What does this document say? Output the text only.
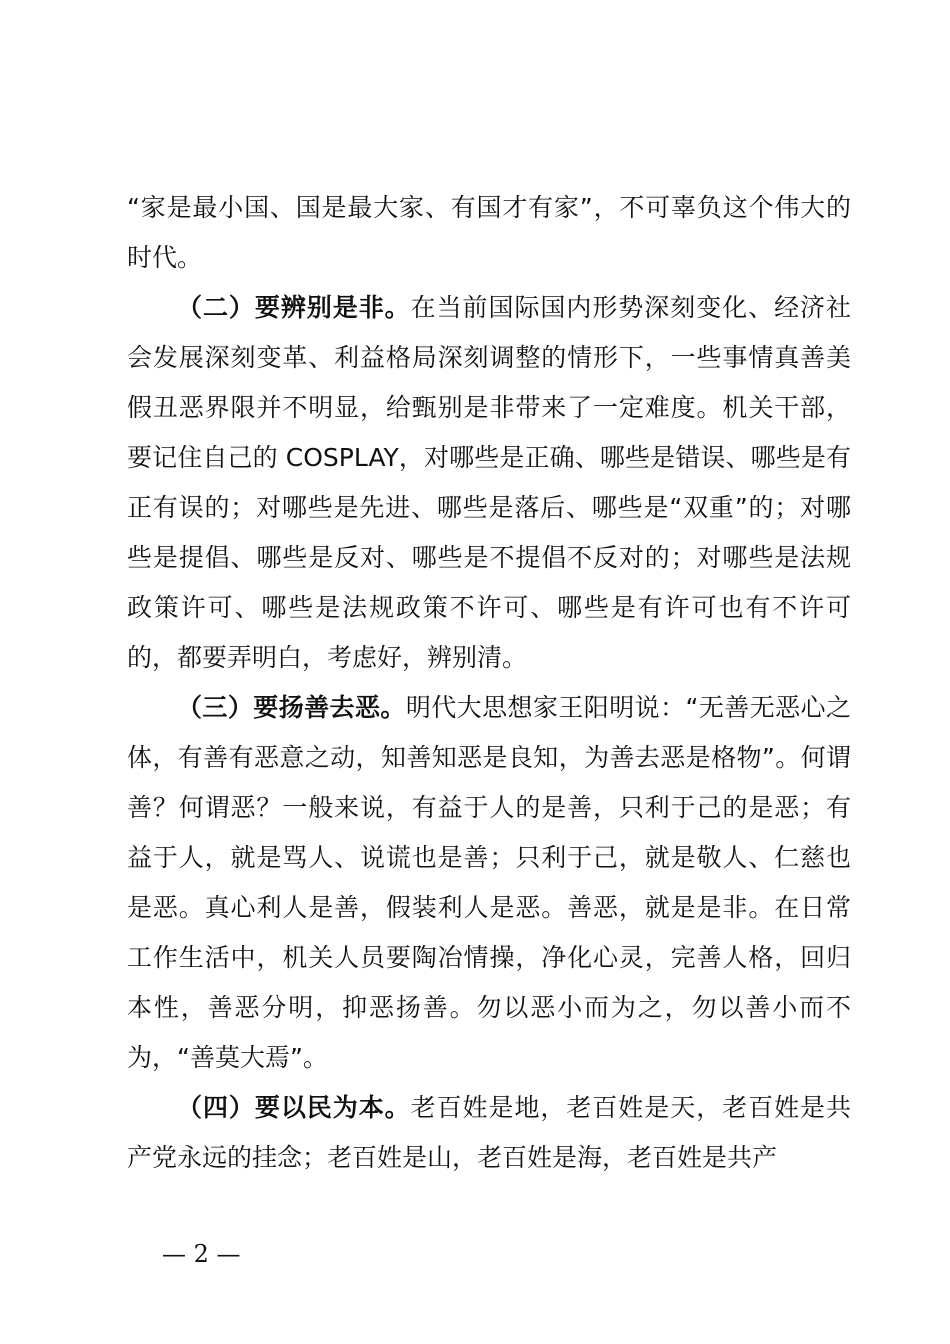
“家是最小国、国是最大家、有国才有家”，不可辜负这个伟大的时代。

（二）要辨别是非。在当前国际国内形势深刻变化、经济社会发展深刻变革、利益格局深刻调整的情形下，一些事情真善美假丑恶界限并不明显，给甄别是非带来了一定难度。机关干部，要记住自己的 COSPLAY，对哪些是正确、哪些是错误、哪些是有正有误的；对哪些是先进、哪些是落后、哪些是“双重”的；对哪些是提倡、哪些是反对、哪些是不提倡不反对的；对哪些是法规政策许可、哪些是法规政策不许可、哪些是有许可也有不许可的，都要弄明白，考虑好，辨别清。

（三）要扬善去恶。明代大思想家王阳明说：“无善无恶心之体，有善有恶意之动，知善知恶是良知，为善去恶是格物”。何谓善？何谓恶？一般来说，有益于人的是善，只利于己的是恶；有益于人，就是骂人、说谎也是善；只利于己，就是敬人、仁慈也是恶。真心利人是善，假装利人是恶。善恶，就是是非。在日常工作生活中，机关人员要陶冶情操，净化心灵，完善人格，回归本性，善恶分明，抑恶扬善。勿以恶小而为之，勿以善小而不为，“善莫大焉”。

（四）要以民为本。老百姓是地，老百姓是天，老百姓是共产党永远的挂念；老百姓是山，老百姓是海，老百姓是共产

— 2 —
